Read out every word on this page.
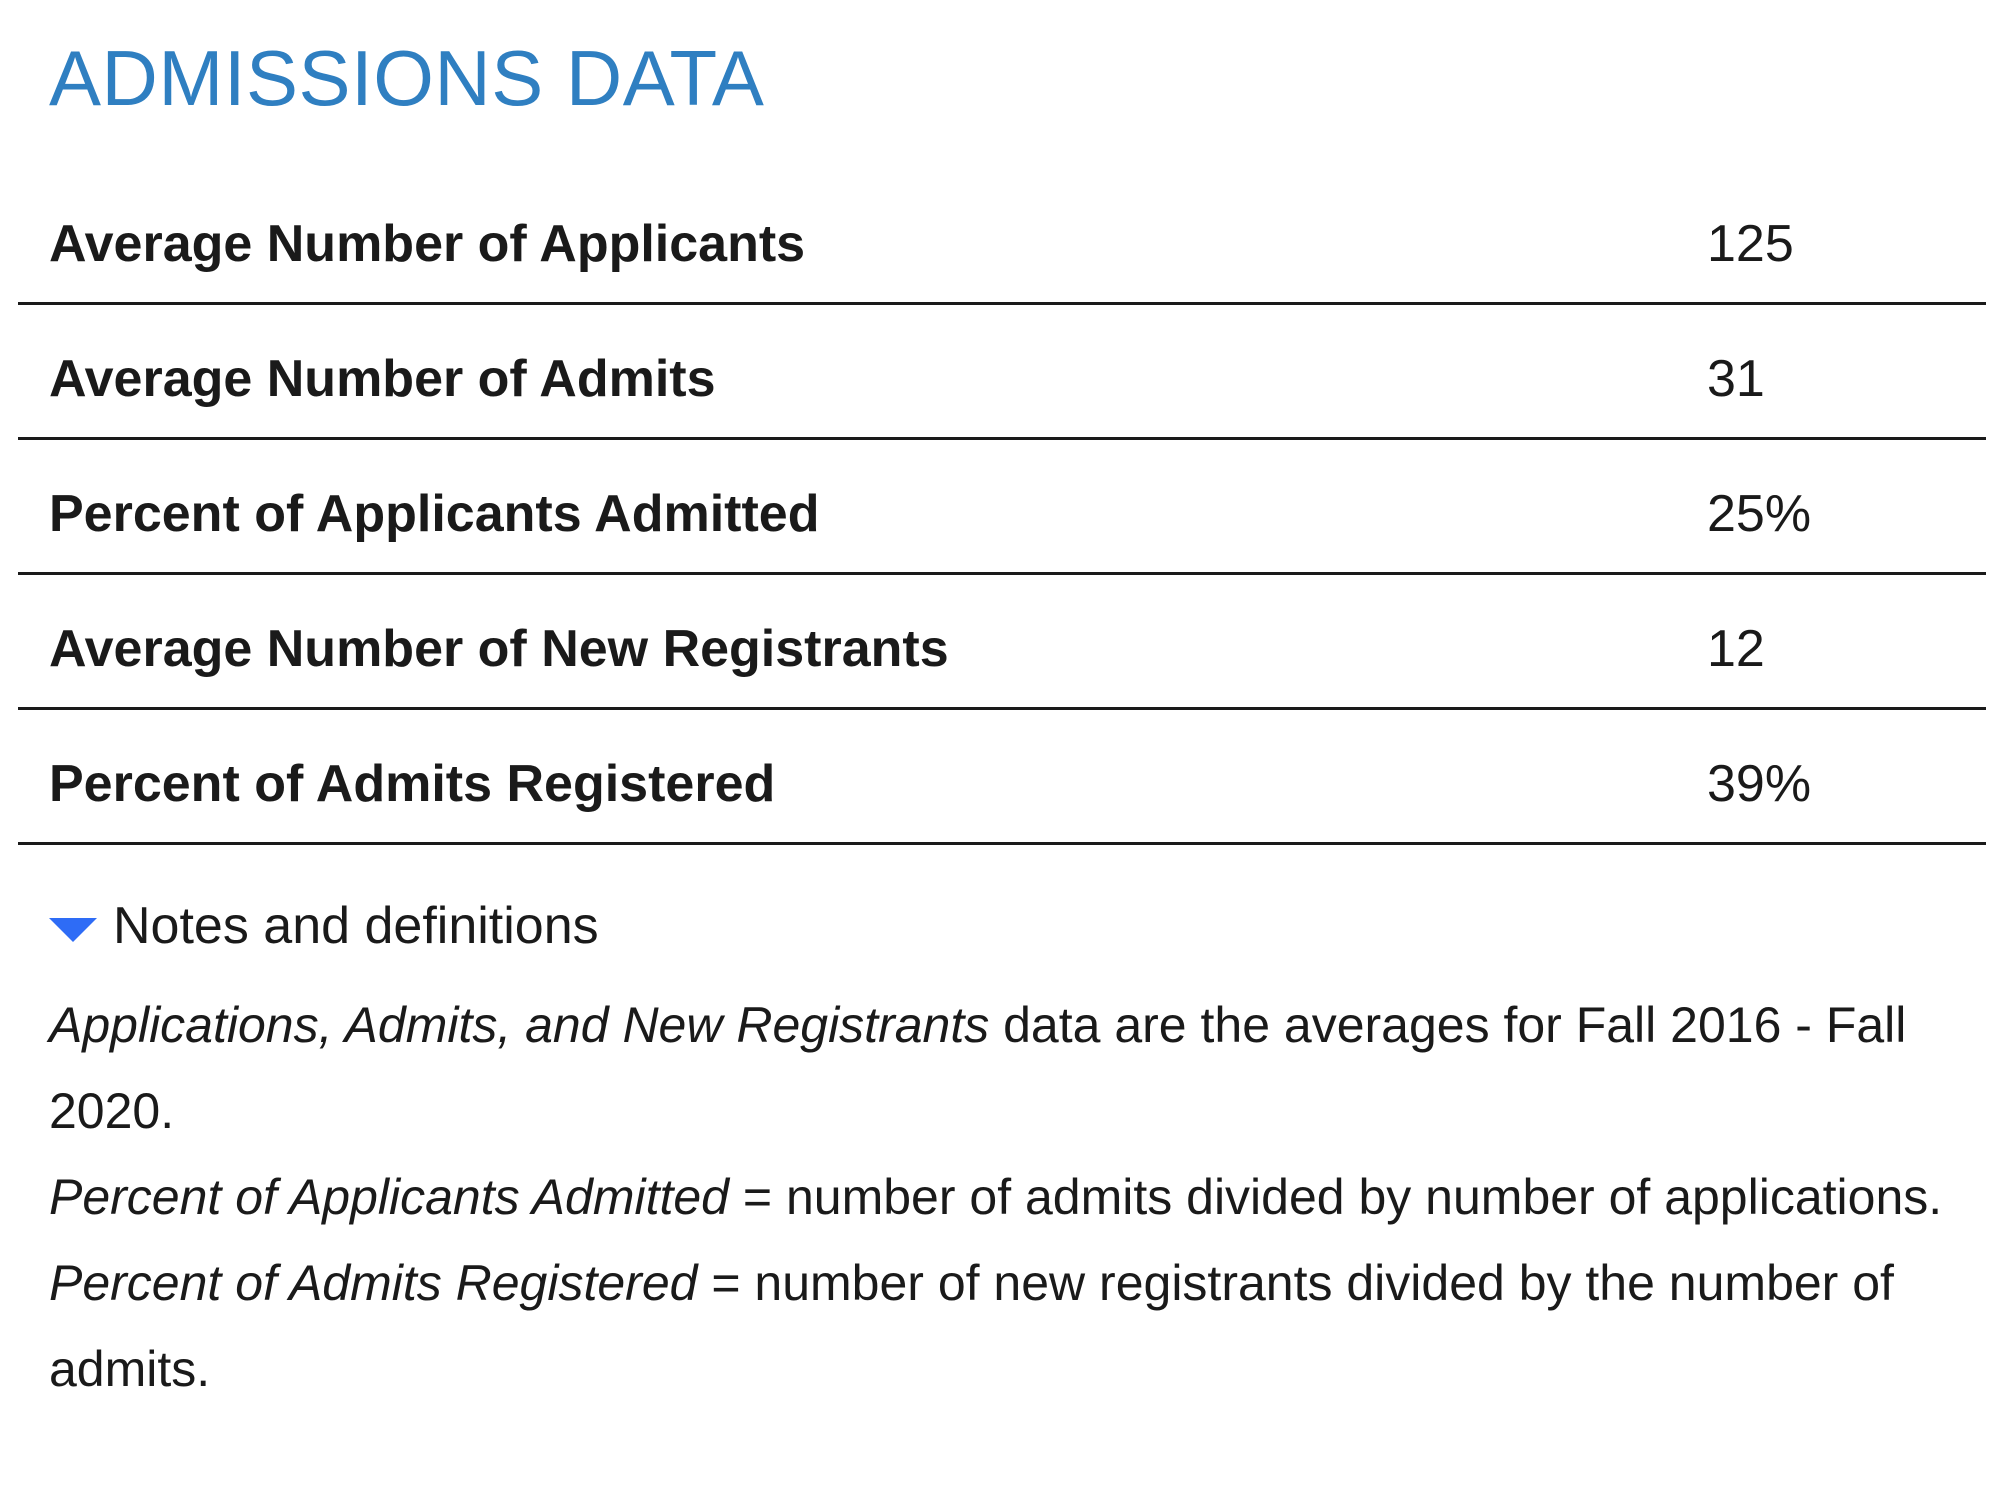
ADMISSIONS DATA
Average Number of Applicants	125
Average Number of Admits	31
Percent of Applicants Admitted	25%
Average Number of New Registrants	12
Percent of Admits Registered	39%
Notes and definitions

Applications, Admits, and New Registrants data are the averages for Fall 2016 - Fall 2020.

Percent of Applicants Admitted = number of admits divided by number of applications.

Percent of Admits Registered = number of new registrants divided by the number of admits.
